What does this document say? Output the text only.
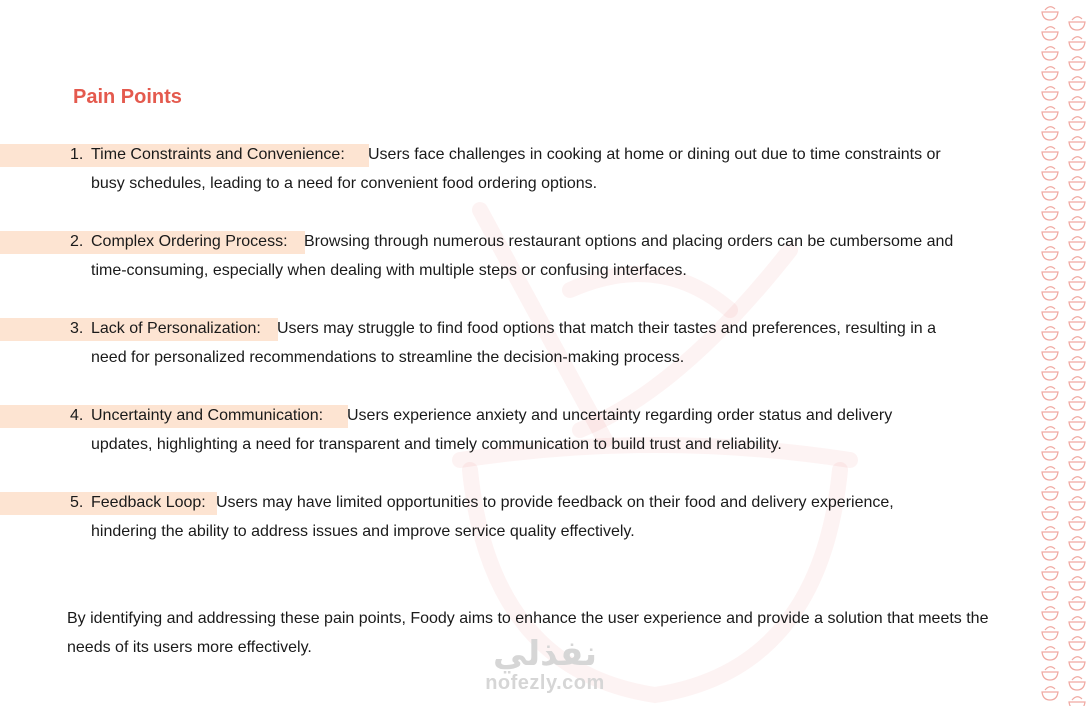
Pain Points
1. Time Constraints and Convenience: Users face challenges in cooking at home or dining out due to time constraints or
busy schedules, leading to a need for convenient food ordering options.
2. Complex Ordering Process: Browsing through numerous restaurant options and placing orders can be cumbersome and
time-consuming, especially when dealing with multiple steps or confusing interfaces.
3. Lack of Personalization: Users may struggle to find food options that match their tastes and preferences, resulting in a
need for personalized recommendations to streamline the decision-making process.
4. Uncertainty and Communication: Users experience anxiety and uncertainty regarding order status and delivery
updates, highlighting a need for transparent and timely communication to build trust and reliability.
5. Feedback Loop: Users may have limited opportunities to provide feedback on their food and delivery experience,
hindering the ability to address issues and improve service quality effectively.

By identifying and addressing these pain points, Foody aims to enhance the user experience and provide a solution that meets the needs of its users more effectively.	نفذلي
nofezly.com
